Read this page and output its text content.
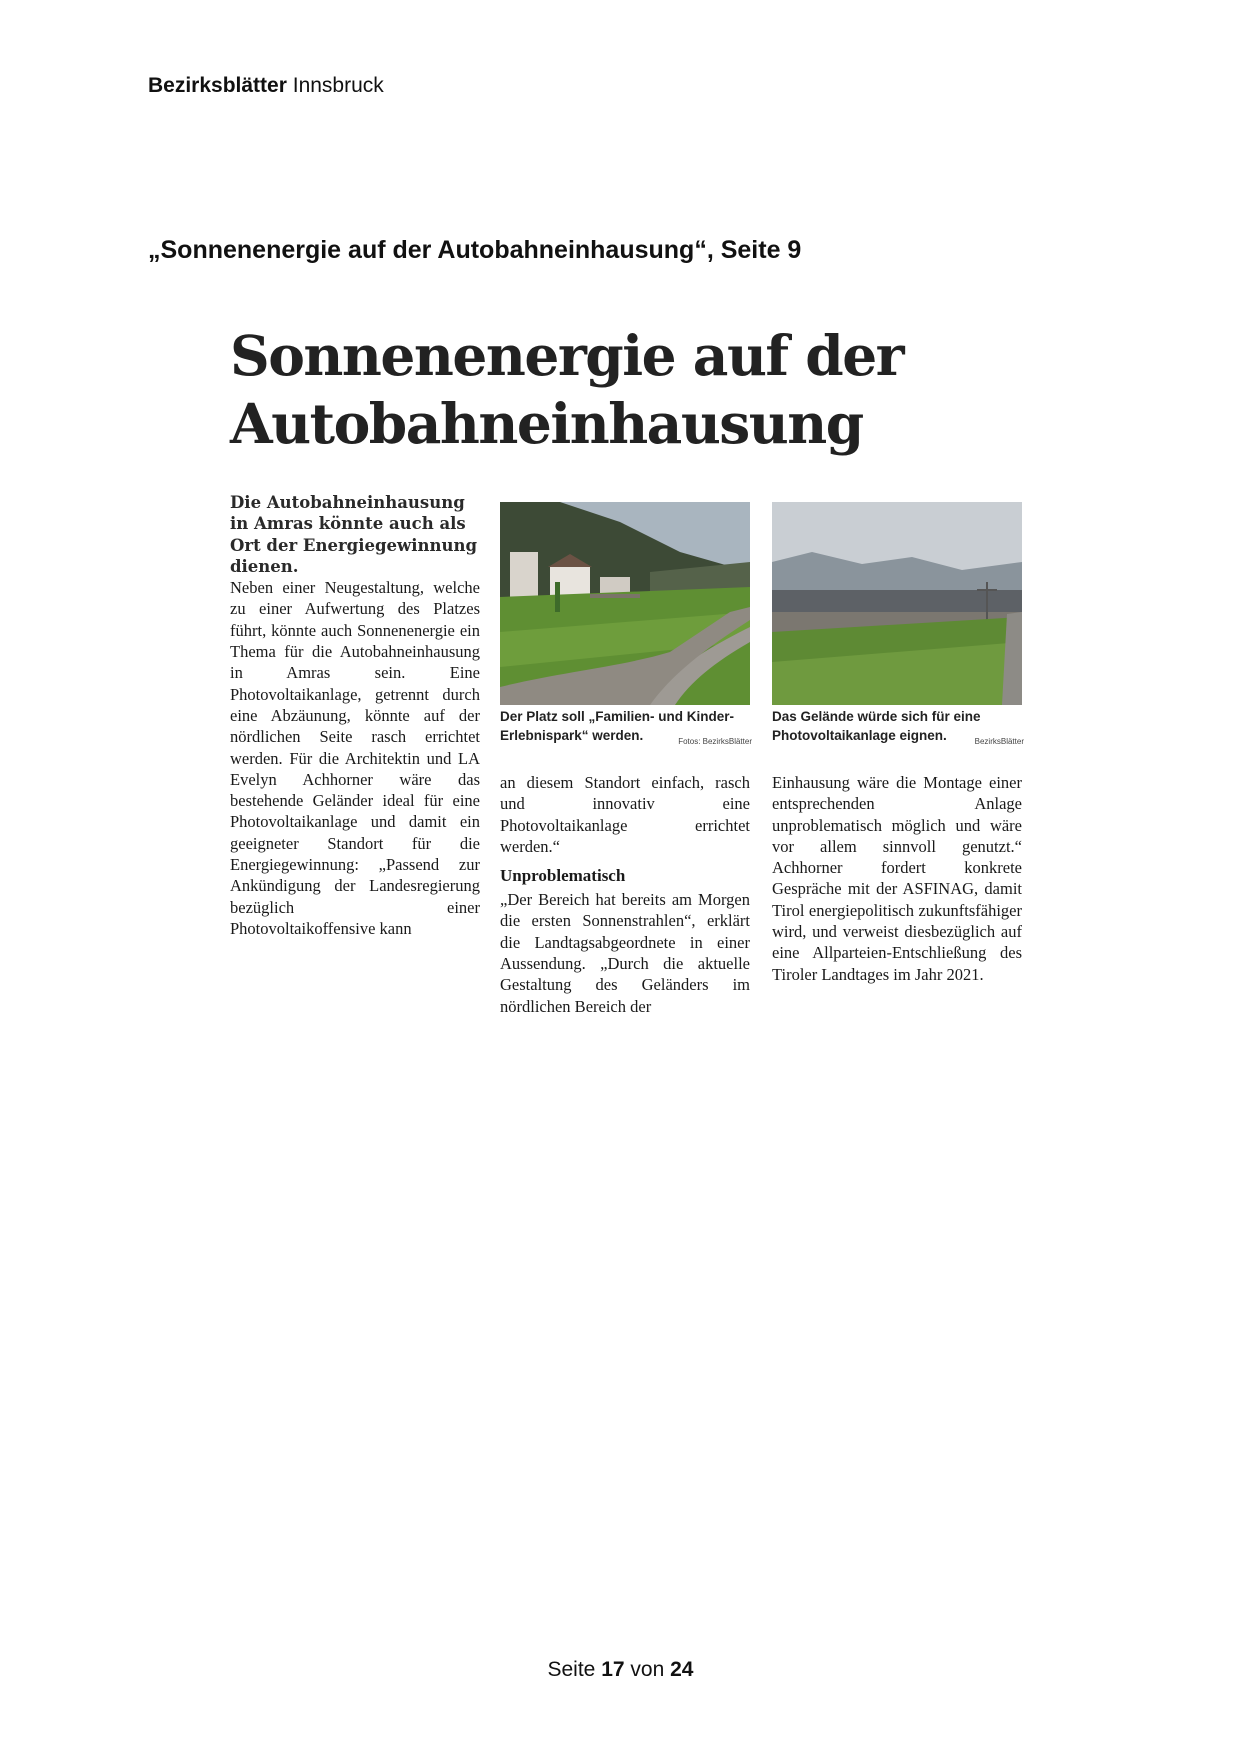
Bezirksblätter Innsbruck
„Sonnenenergie auf der Autobahneinhausung“, Seite 9
Sonnenenergie auf der
Autobahneinhausung

Die Autobahneinhausung in Amras könnte auch als Ort der Energiegewinnung dienen.

Neben einer Neugestaltung, welche zu einer Aufwertung des Platzes führt, könnte auch Sonnenenergie ein Thema für die Autobahneinhausung in Amras sein. Eine Photovoltaikanlage, getrennt durch eine Abzäunung, könnte auf der nördlichen Seite rasch errichtet werden. Für die Architektin und LA Evelyn Achhorner wäre das bestehende Geländer ideal für eine Photovoltaikanlage und damit ein geeigneter Standort für die Energiegewinnung: „Passend zur Ankündigung der Landesregierung bezüglich einer Photovoltaikoffensive kann

Der Platz soll „Familien- und Kinder-Erlebnispark“ werden.	Fotos: BezirksBlätter

an diesem Standort einfach, rasch und innovativ eine Photovoltaikanlage errichtet werden.“

Unproblematisch

„Der Bereich hat bereits am Morgen die ersten Sonnenstrahlen“, erklärt die Landtagsabgeordnete in einer Aussendung. „Durch die aktuelle Gestaltung des Geländers im nördlichen Bereich der

Das Gelände würde sich für eine Photovoltaikanlage eignen.	BezirksBlätter

Einhausung wäre die Montage einer entsprechenden Anlage unproblematisch möglich und wäre vor allem sinnvoll genutzt.“ Achhorner fordert konkrete Gespräche mit der ASFINAG, damit Tirol energiepolitisch zukunftsfähiger wird, und verweist diesbezüglich auf eine Allparteien-Entschließung des Tiroler Landtages im Jahr 2021.

Seite 17 von 24
